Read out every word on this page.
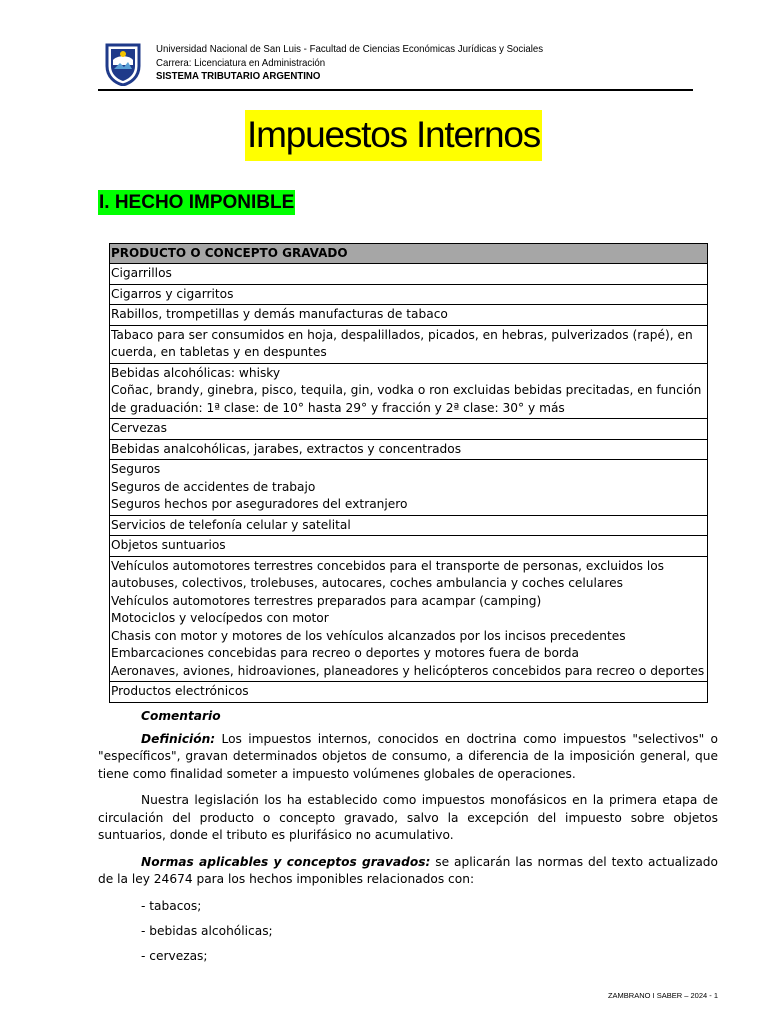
Universidad Nacional de San Luis - Facultad de Ciencias Económicas Jurídicas y Sociales
Carrera: Licenciatura en Administración
SISTEMA TRIBUTARIO ARGENTINO
Impuestos Internos
I. HECHO IMPONIBLE
PRODUCTO O CONCEPTO GRAVADO

Cigarrillos

Cigarros y cigarritos

Rabillos, trompetillas y demás manufacturas de tabaco

Tabaco para ser consumidos en hoja, despalillados, picados, en hebras, pulverizados (rapé), en
cuerda, en tabletas y en despuntes

Bebidas alcohólicas: whisky
Coñac, brandy, ginebra, pisco, tequila, gin, vodka o ron excluidas bebidas precitadas, en función
de graduación: 1ª clase: de 10° hasta 29° y fracción y 2ª clase: 30° y más

Cervezas

Bebidas analcohólicas, jarabes, extractos y concentrados

Seguros
Seguros de accidentes de trabajo
Seguros hechos por aseguradores del extranjero

Servicios de telefonía celular y satelital

Objetos suntuarios

Vehículos automotores terrestres concebidos para el transporte de personas, excluidos los
autobuses, colectivos, trolebuses, autocares, coches ambulancia y coches celulares
Vehículos automotores terrestres preparados para acampar (camping)
Motociclos y velocípedos con motor
Chasis con motor y motores de los vehículos alcanzados por los incisos precedentes
Embarcaciones concebidas para recreo o deportes y motores fuera de borda
Aeronaves, aviones, hidroaviones, planeadores y helicópteros concebidos para recreo o deportes

Productos electrónicos

Comentario

Definición: Los impuestos internos, conocidos en doctrina como impuestos "selectivos" o "específicos", gravan determinados objetos de consumo, a diferencia de la imposición general, que tiene como finalidad someter a impuesto volúmenes globales de operaciones.

Nuestra legislación los ha establecido como impuestos monofásicos en la primera etapa de circulación del producto o concepto gravado, salvo la excepción del impuesto sobre objetos suntuarios, donde el tributo es plurifásico no acumulativo.

Normas aplicables y conceptos gravados: se aplicarán las normas del texto actualizado de la ley 24674 para los hechos imponibles relacionados con:

- tabacos;

- bebidas alcohólicas;

- cervezas;

ZAMBRANO I SABER – 2024 - 1
